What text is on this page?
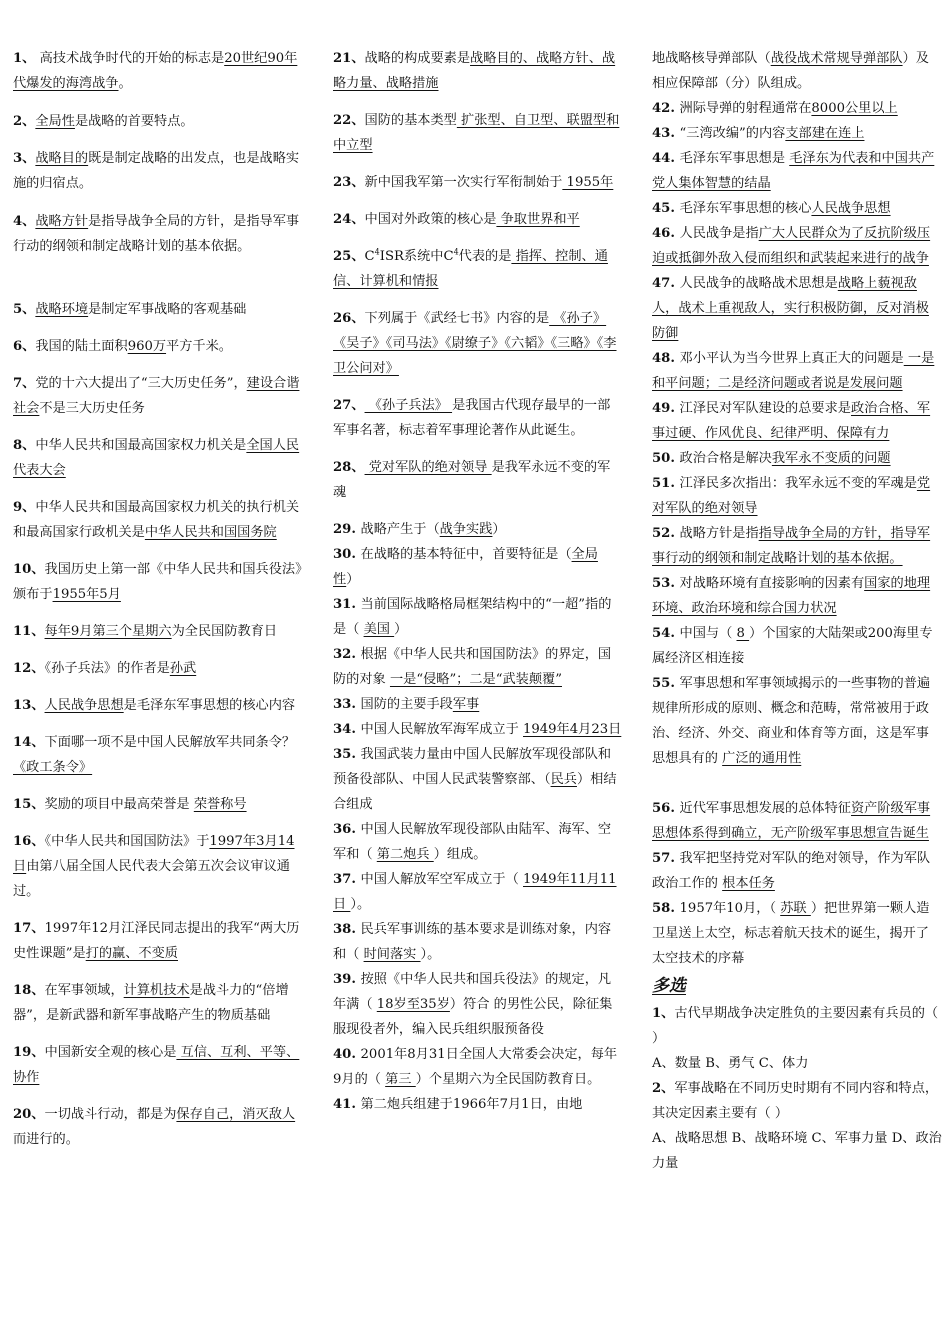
1、 高技术战争时代的开始的标志是20世纪90年代爆发的海湾战争。

2、全局性是战略的首要特点。

3、战略目的既是制定战略的出发点，也是战略实施的归宿点。

4、战略方针是指导战争全局的方针，是指导军事行动的纲领和制定战略计划的基本依据。

5、战略环境是制定军事战略的客观基础

6、我国的陆土面积960万平方千米。

7、党的十六大提出了“三大历史任务”，建设合谐社会不是三大历史任务

8、中华人民共和国最高国家权力机关是全国人民代表大会

9、中华人民共和国最高国家权力机关的执行机关和最高国家行政机关是中华人民共和国国务院

10、我国历史上第一部《中华人民共和国兵役法》颁布于1955年5月

11、每年9月第三个星期六为全民国防教育日

12、《孙子兵法》的作者是孙武

13、人民战争思想是毛泽东军事思想的核心内容

14、下面哪一项不是中国人民解放军共同条令？《政工条令》

15、奖励的项目中最高荣誉是 荣誉称号

16、《中华人民共和国国防法》于1997年3月14日由第八届全国人民代表大会第五次会议审议通过。

17、1997年12月江泽民同志提出的我军“两大历史性课题”是打的赢、不变质

18、在军事领域，计算机技术是战斗力的“倍增器”，是新武器和新军事战略产生的物质基础

19、中国新安全观的核心是 互信、互利、平等、协作

20、一切战斗行动，都是为保存自己，消灭敌人而进行的。

21、战略的构成要素是战略目的、战略方针、战略力量、战略措施

22、国防的基本类型 扩张型、自卫型、联盟型和中立型

23、新中国我军第一次实行军衔制始于 1955年

24、中国对外政策的核心是 争取世界和平

25、$C^4ISR$系统中$C^4$代表的是 指挥、控制、通信、计算机和情报

26、下列属于《武经七书》内容的是 《孙子》《吴子》《司马法》《尉缭子》《六韬》《三略》《李卫公问对》

27、 《孙子兵法》 是我国古代现存最早的一部军事名著，标志着军事理论著作从此诞生。

28、 党对军队的绝对领导 是我军永远不变的军魂

29. 战略产生于（战争实践）

30. 在战略的基本特征中，首要特征是（全局性）

31. 当前国际战略格局框架结构中的“一超”指的是（ 美国 ）

32. 根据《中华人民共和国国防法》的界定，国防的对象 一是“侵略”；二是“武装颠覆”

33. 国防的主要手段军事

34. 中国人民解放军海军成立于 1949年4月23日

35. 我国武装力量由中国人民解放军现役部队和预备役部队、中国人民武装警察部、（民兵）相结合组成

36. 中国人民解放军现役部队由陆军、海军、空军和（ 第二炮兵 ）组成。

37. 中国人解放军空军成立于（ 1949年11月11日 ）。

38. 民兵军事训练的基本要求是训练对象，内容和（ 时间落实 ）。

39. 按照《中华人民共和国兵役法》的规定，凡年满（ 18岁至35岁）符合 的男性公民，除征集服现役者外，编入民兵组织服预备役

40. 2001年8月31日全国人大常委会决定，每年9月的（ 第三 ）个星期六为全民国防教育日。

41. 第二炮兵组建于1966年7月1日，由地

地战略核导弹部队（战役战术常规导弹部队）及相应保障部（分）队组成。

42. 洲际导弹的射程通常在8000公里以上

43. “三湾改编”的内容支部建在连上

44. 毛泽东军事思想是 毛泽东为代表和中国共产党人集体智慧的结晶

45. 毛泽东军事思想的核心人民战争思想

46. 人民战争是指广大人民群众为了反抗阶级压迫或抵御外敌入侵而组织和武装起来进行的战争

47. 人民战争的战略战术思想是战略上藐视敌人，战术上重视敌人，实行积极防御，反对消极防御

48. 邓小平认为当今世界上真正大的问题是 一是和平问题；二是经济问题或者说是发展问题

49. 江泽民对军队建设的总要求是政治合格、军事过硬、作风优良、纪律严明、保障有力

50. 政治合格是解决我军永不变质的问题

51. 江泽民多次指出：我军永远不变的军魂是党对军队的绝对领导

52. 战略方针是指指导战争全局的方针，指导军事行动的纲领和制定战略计划的基本依据。

53. 对战略环境有直接影响的因素有国家的地理环境、政治环境和综合国力状况

54. 中国与（ 8 ）个国家的大陆架或200海里专属经济区相连接

55. 军事思想和军事领域揭示的一些事物的普遍规律所形成的原则、概念和范畴，常常被用于政治、经济、外交、商业和体育等方面，这是军事思想具有的 广泛的通用性

56. 近代军事思想发展的总体特征资产阶级军事思想体系得到确立，无产阶级军事思想宣告诞生

57. 我军把坚持党对军队的绝对领导，作为军队政治工作的 根本任务

58. 1957年10月，（ 苏联 ）把世界第一颗人造卫星送上太空，标志着航天技术的诞生，揭开了太空技术的序幕

多选

1、古代早期战争决定胜负的主要因素有兵员的（ ）

A、数量 B、勇气 C、体力

2、军事战略在不同历史时期有不同内容和特点，其决定因素主要有（ ）

A、战略思想 B、战略环境 C、军事力量 D、政治力量
